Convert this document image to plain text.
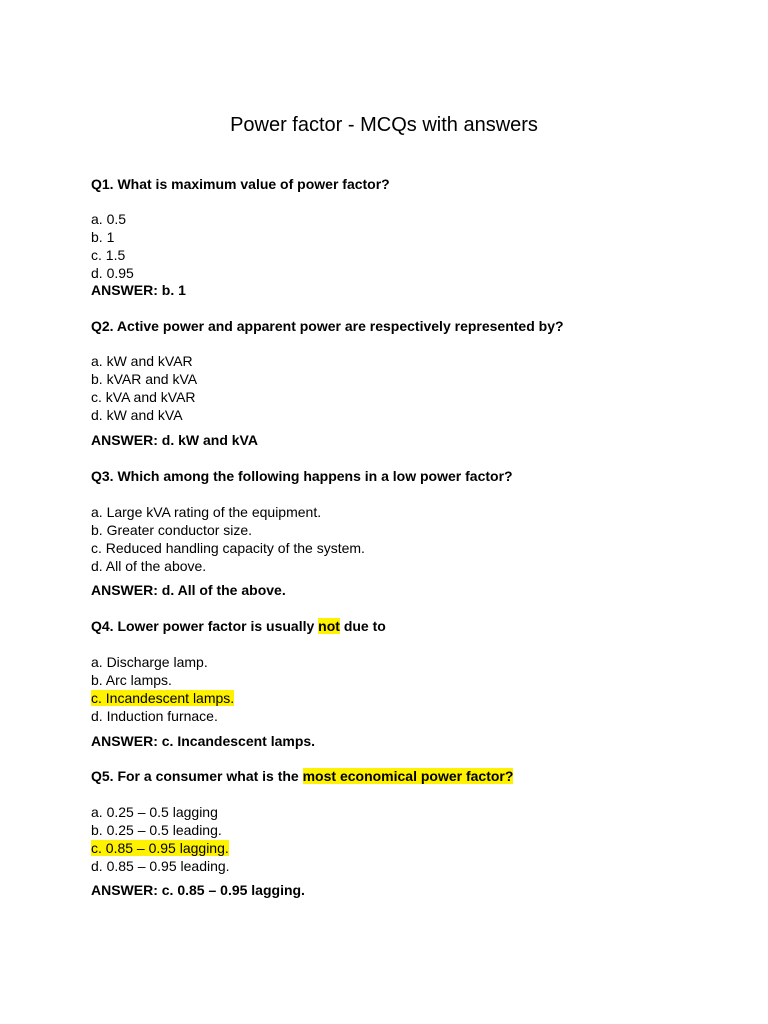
Power factor - MCQs with answers
Q1. What is maximum value of power factor?
a. 0.5
b. 1
c. 1.5
d. 0.95
ANSWER: b. 1
Q2. Active power and apparent power are respectively represented by?
a. kW and kVAR
b. kVAR and kVA
c. kVA and kVAR
d. kW and kVA
ANSWER: d. kW and kVA
Q3. Which among the following happens in a low power factor?
a. Large kVA rating of the equipment.
b. Greater conductor size.
c. Reduced handling capacity of the system.
d. All of the above.
ANSWER: d. All of the above.
Q4. Lower power factor is usually not due to
a. Discharge lamp.
b. Arc lamps.
c. Incandescent lamps.
d. Induction furnace.
ANSWER: c. Incandescent lamps.
Q5. For a consumer what is the most economical power factor?
a. 0.25 – 0.5 lagging
b. 0.25 – 0.5 leading.
c. 0.85 – 0.95 lagging.
d. 0.85 – 0.95 leading.
ANSWER: c. 0.85 – 0.95 lagging.
